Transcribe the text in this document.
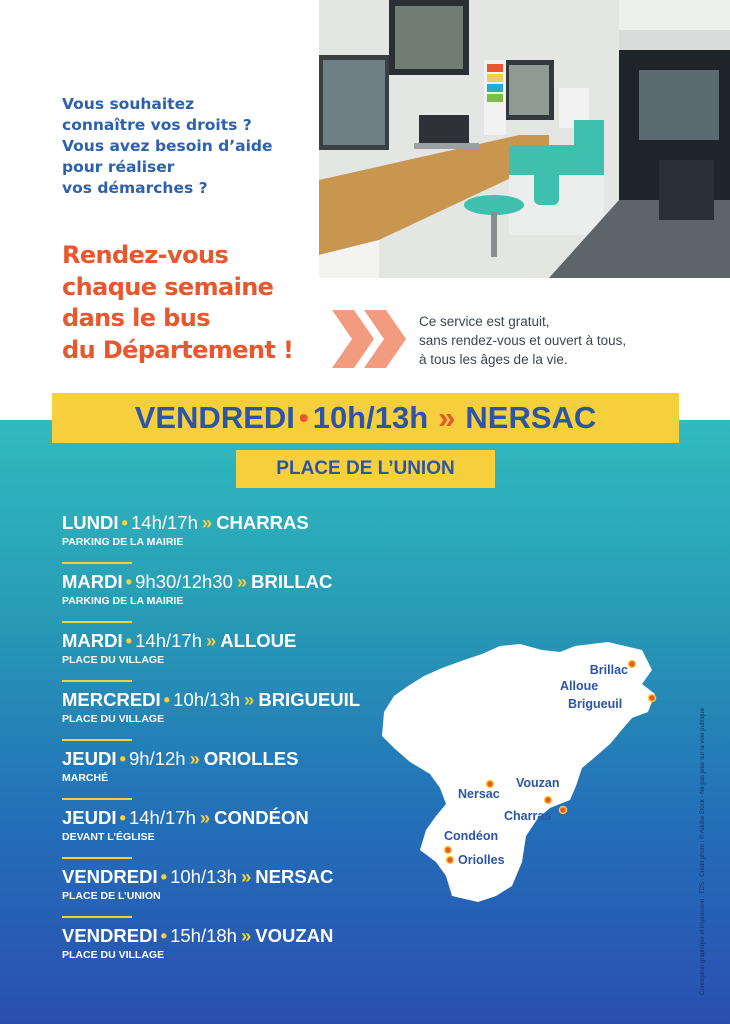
Vous souhaitez
connaître vos droits ?
Vous avez besoin d’aide
pour réaliser
vos démarches ?
Rendez-vous
chaque semaine
dans le bus
du Département !
Ce service est gratuit,
sans rendez-vous et ouvert à tous,
à tous les âges de la vie.
VENDREDI • 10h/13h » NERSAC
PLACE DE L’UNION
LUNDI • 14h/17h » CHARRAS
PARKING DE LA MAIRIE
MARDI • 9h30/12h30 » BRILLAC
PARKING DE LA MAIRIE
MARDI • 14h/17h » ALLOUE
PLACE DU VILLAGE
MERCREDI • 10h/13h » BRIGUEUIL
PLACE DU VILLAGE
JEUDI • 9h/12h » ORIOLLES
MARCHÉ
JEUDI • 14h/17h » CONDÉON
DEVANT L’ÉGLISE
VENDREDI • 10h/13h » NERSAC
PLACE DE L’UNION
VENDREDI • 15h/18h » VOUZAN
PLACE DU VILLAGE
Brillac
Alloue
Brigueuil
Nersac
Vouzan
Charras
Condéon
Oriolles	Conception graphique et impression : TDS - Crédit photo : © Adobe Stock - Ne pas jeter sur la voie publique
